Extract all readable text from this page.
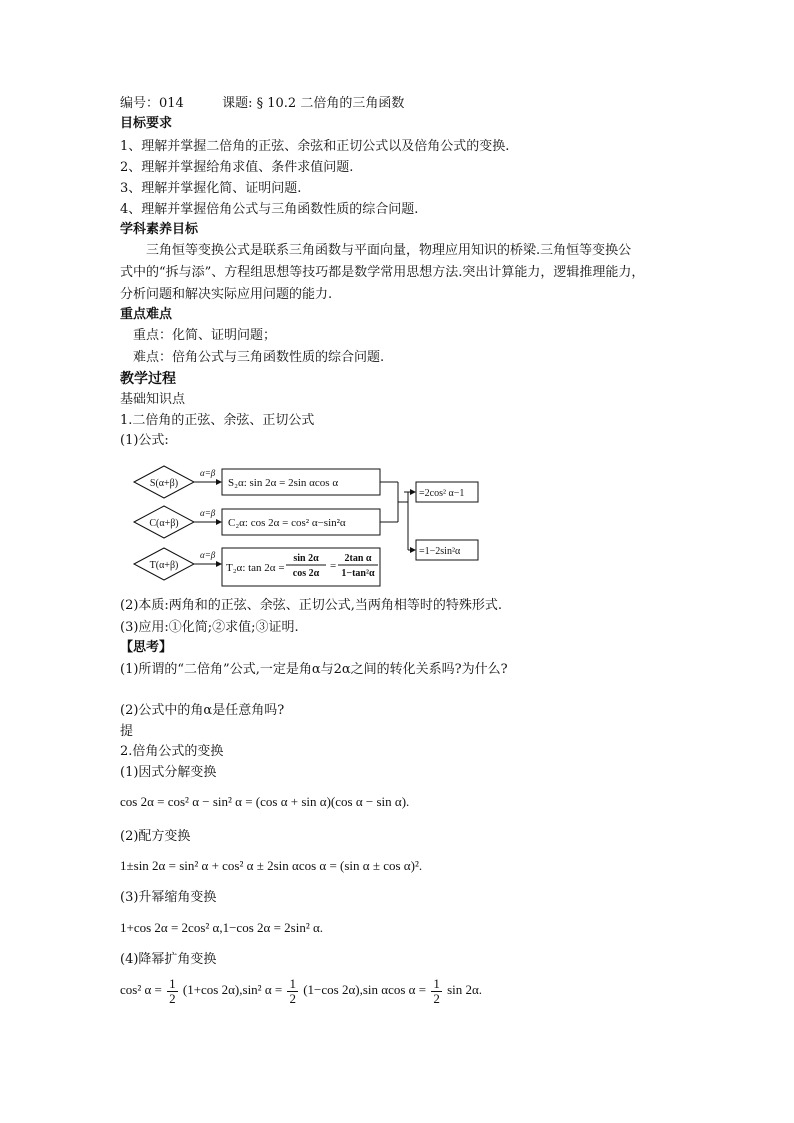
编号：014	课题: § 10.2 二倍角的三角函数
目标要求
1、理解并掌握二倍角的正弦、余弦和正切公式以及倍角公式的变换.
2、理解并掌握给角求值、条件求值问题.
3、理解并掌握化简、证明问题.
4、理解并掌握倍角公式与三角函数性质的综合问题.
学科素养目标
三角恒等变换公式是联系三角函数与平面向量，物理应用知识的桥梁.三角恒等变换公
式中的“拆与添”、方程组思想等技巧都是数学常用思想方法.突出计算能力，逻辑推理能力，
分析问题和解决实际应用问题的能力.
重点难点
重点：化简、证明问题；
难点：倍角公式与三角函数性质的综合问题.
教学过程
基础知识点
1.二倍角的正弦、余弦、正切公式
(1)公式:
S(α+β)
C(α+β)
T(α+β)
α=β
α=β
α=β
S₂α: sin 2α = 2sin αcos α
C₂α: cos 2α = cos² α−sin²α
T₂α: tan 2α =
sin 2α
cos 2α
=
2tan α
1−tan²α
=2cos² α−1
=1−2sin²α
(2)本质:两角和的正弦、余弦、正切公式,当两角相等时的特殊形式.
(3)应用:①化简;②求值;③证明.
【思考】
(1)所谓的“二倍角”公式,一定是角α与2α之间的转化关系吗?为什么?
(2)公式中的角α是任意角吗?
提
2.倍角公式的变换
(1)因式分解变换
cos 2α = cos² α − sin² α = (cos α + sin α)(cos α − sin α).
(2)配方变换
1±sin 2α = sin² α + cos² α ± 2sin αcos α = (sin α ± cos α)².
(3)升幂缩角变换
1+cos 2α = 2cos² α,1−cos 2α = 2sin² α.
(4)降幂扩角变换
cos² $\alpha = \frac{1}{2} (1+\cos$ 2α),sin² $\alpha = \frac{1}{2} (1-\cos$ 2α),sin αcos $\alpha = \frac{1}{2}$ sin 2α.
